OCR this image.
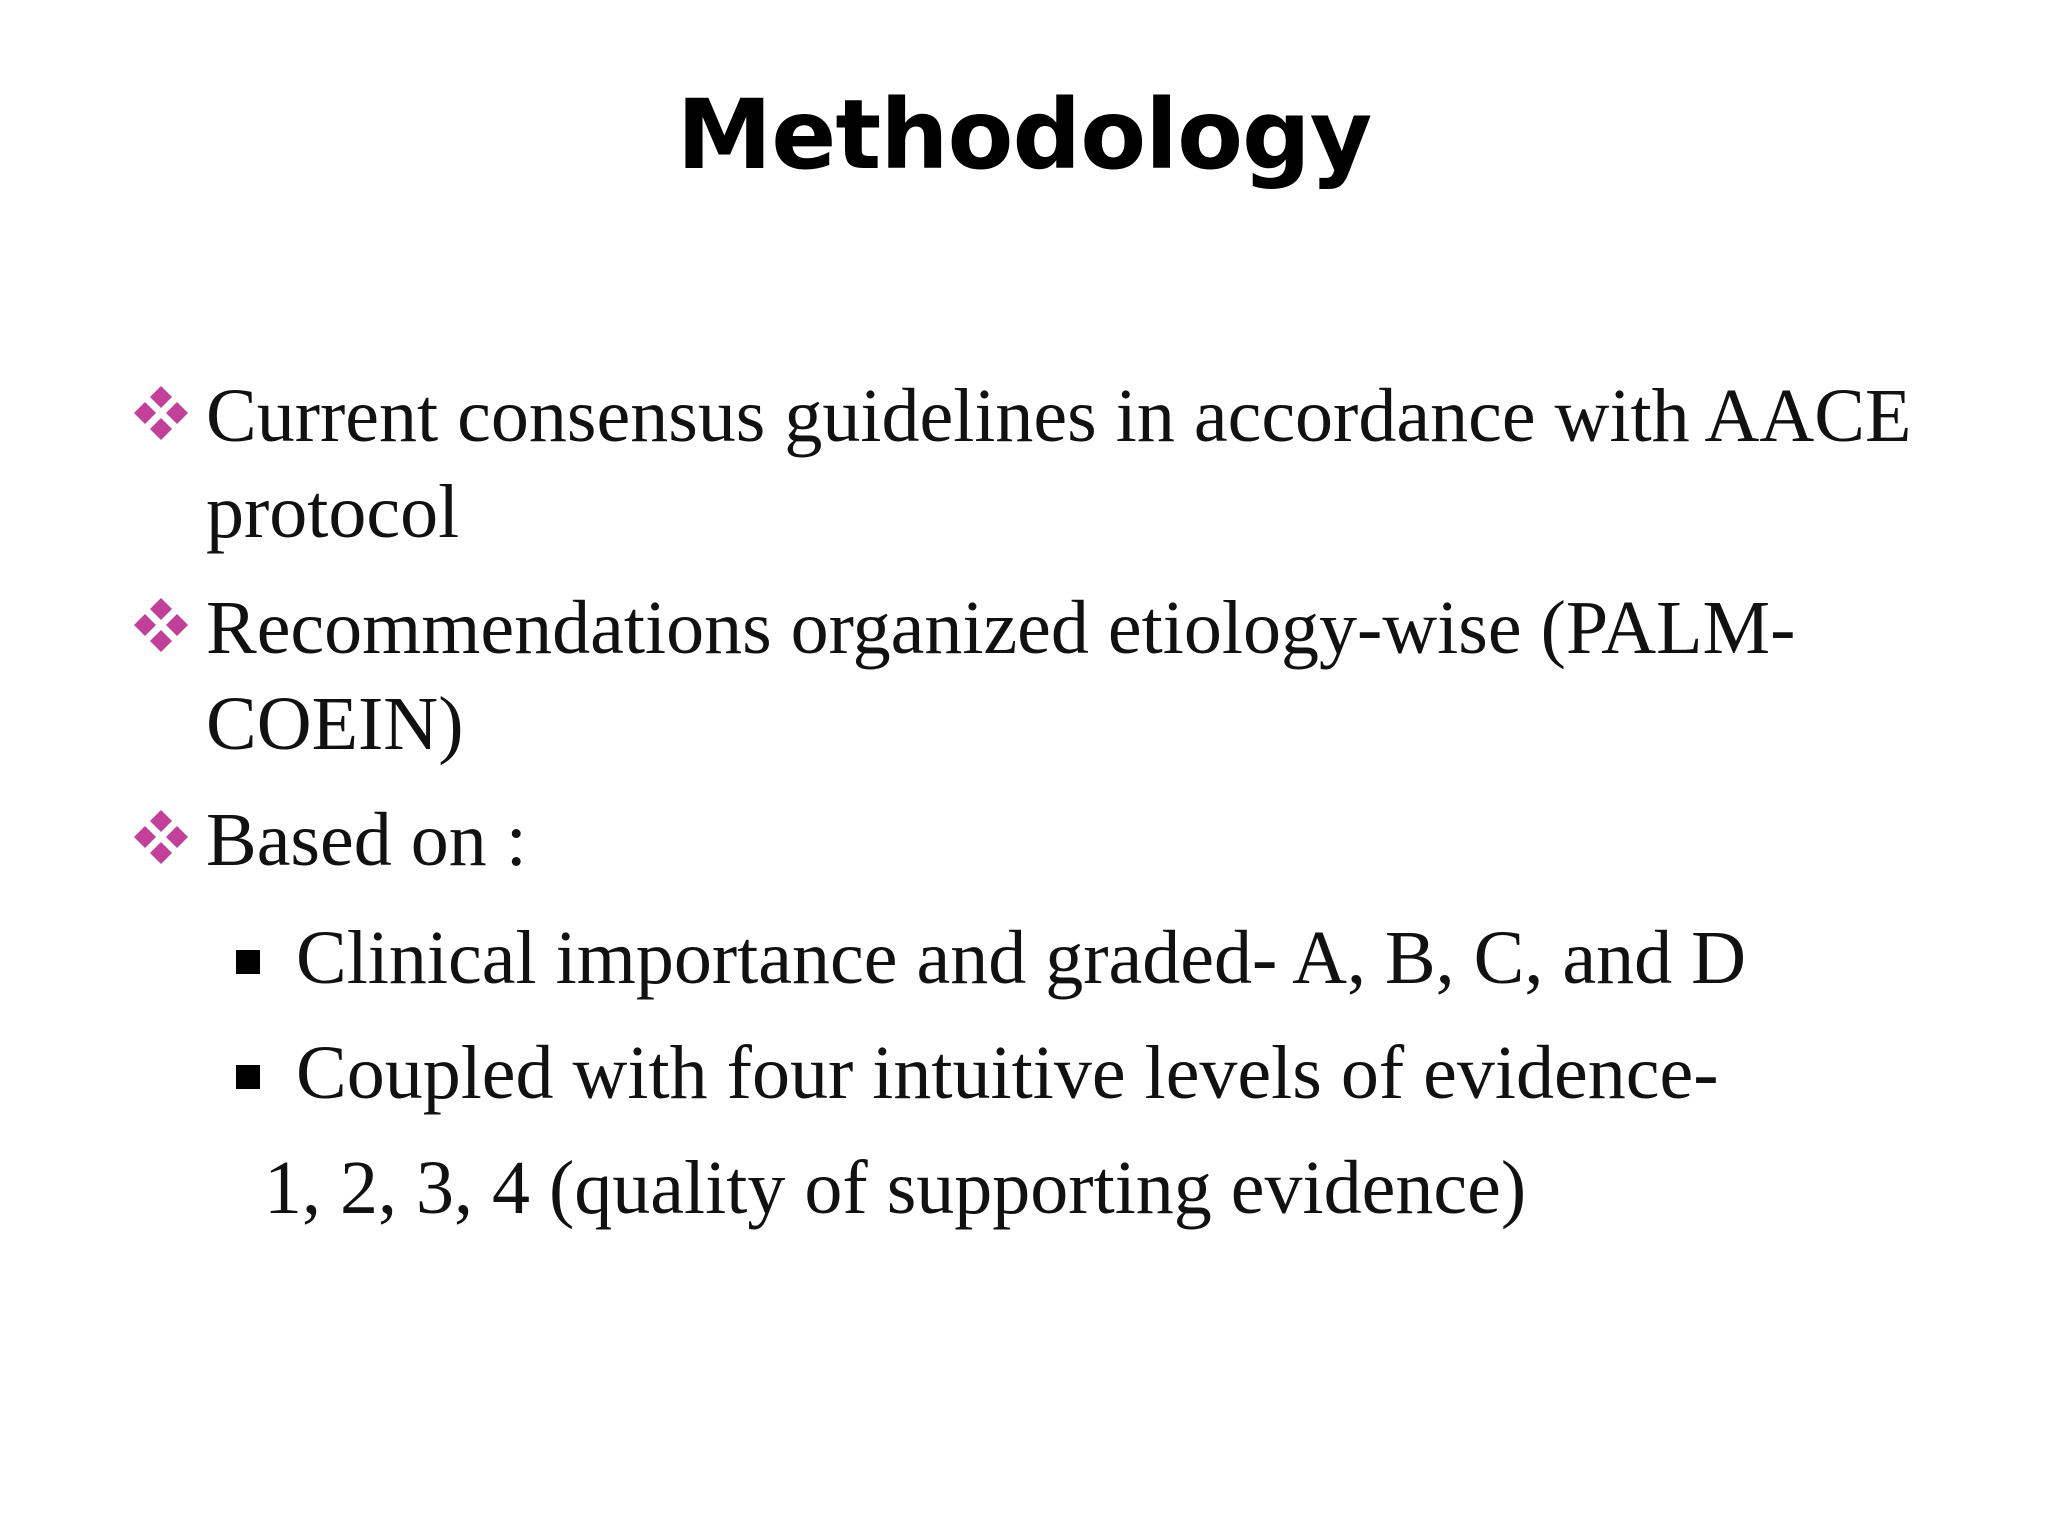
Methodology
Current consensus guidelines in accordance with AACE protocol
Recommendations organized etiology-wise (PALM-COEIN)
Based on :
Clinical importance and graded- A, B, C, and D
Coupled with four intuitive levels of evidence-
1, 2, 3, 4 (quality of supporting evidence)
